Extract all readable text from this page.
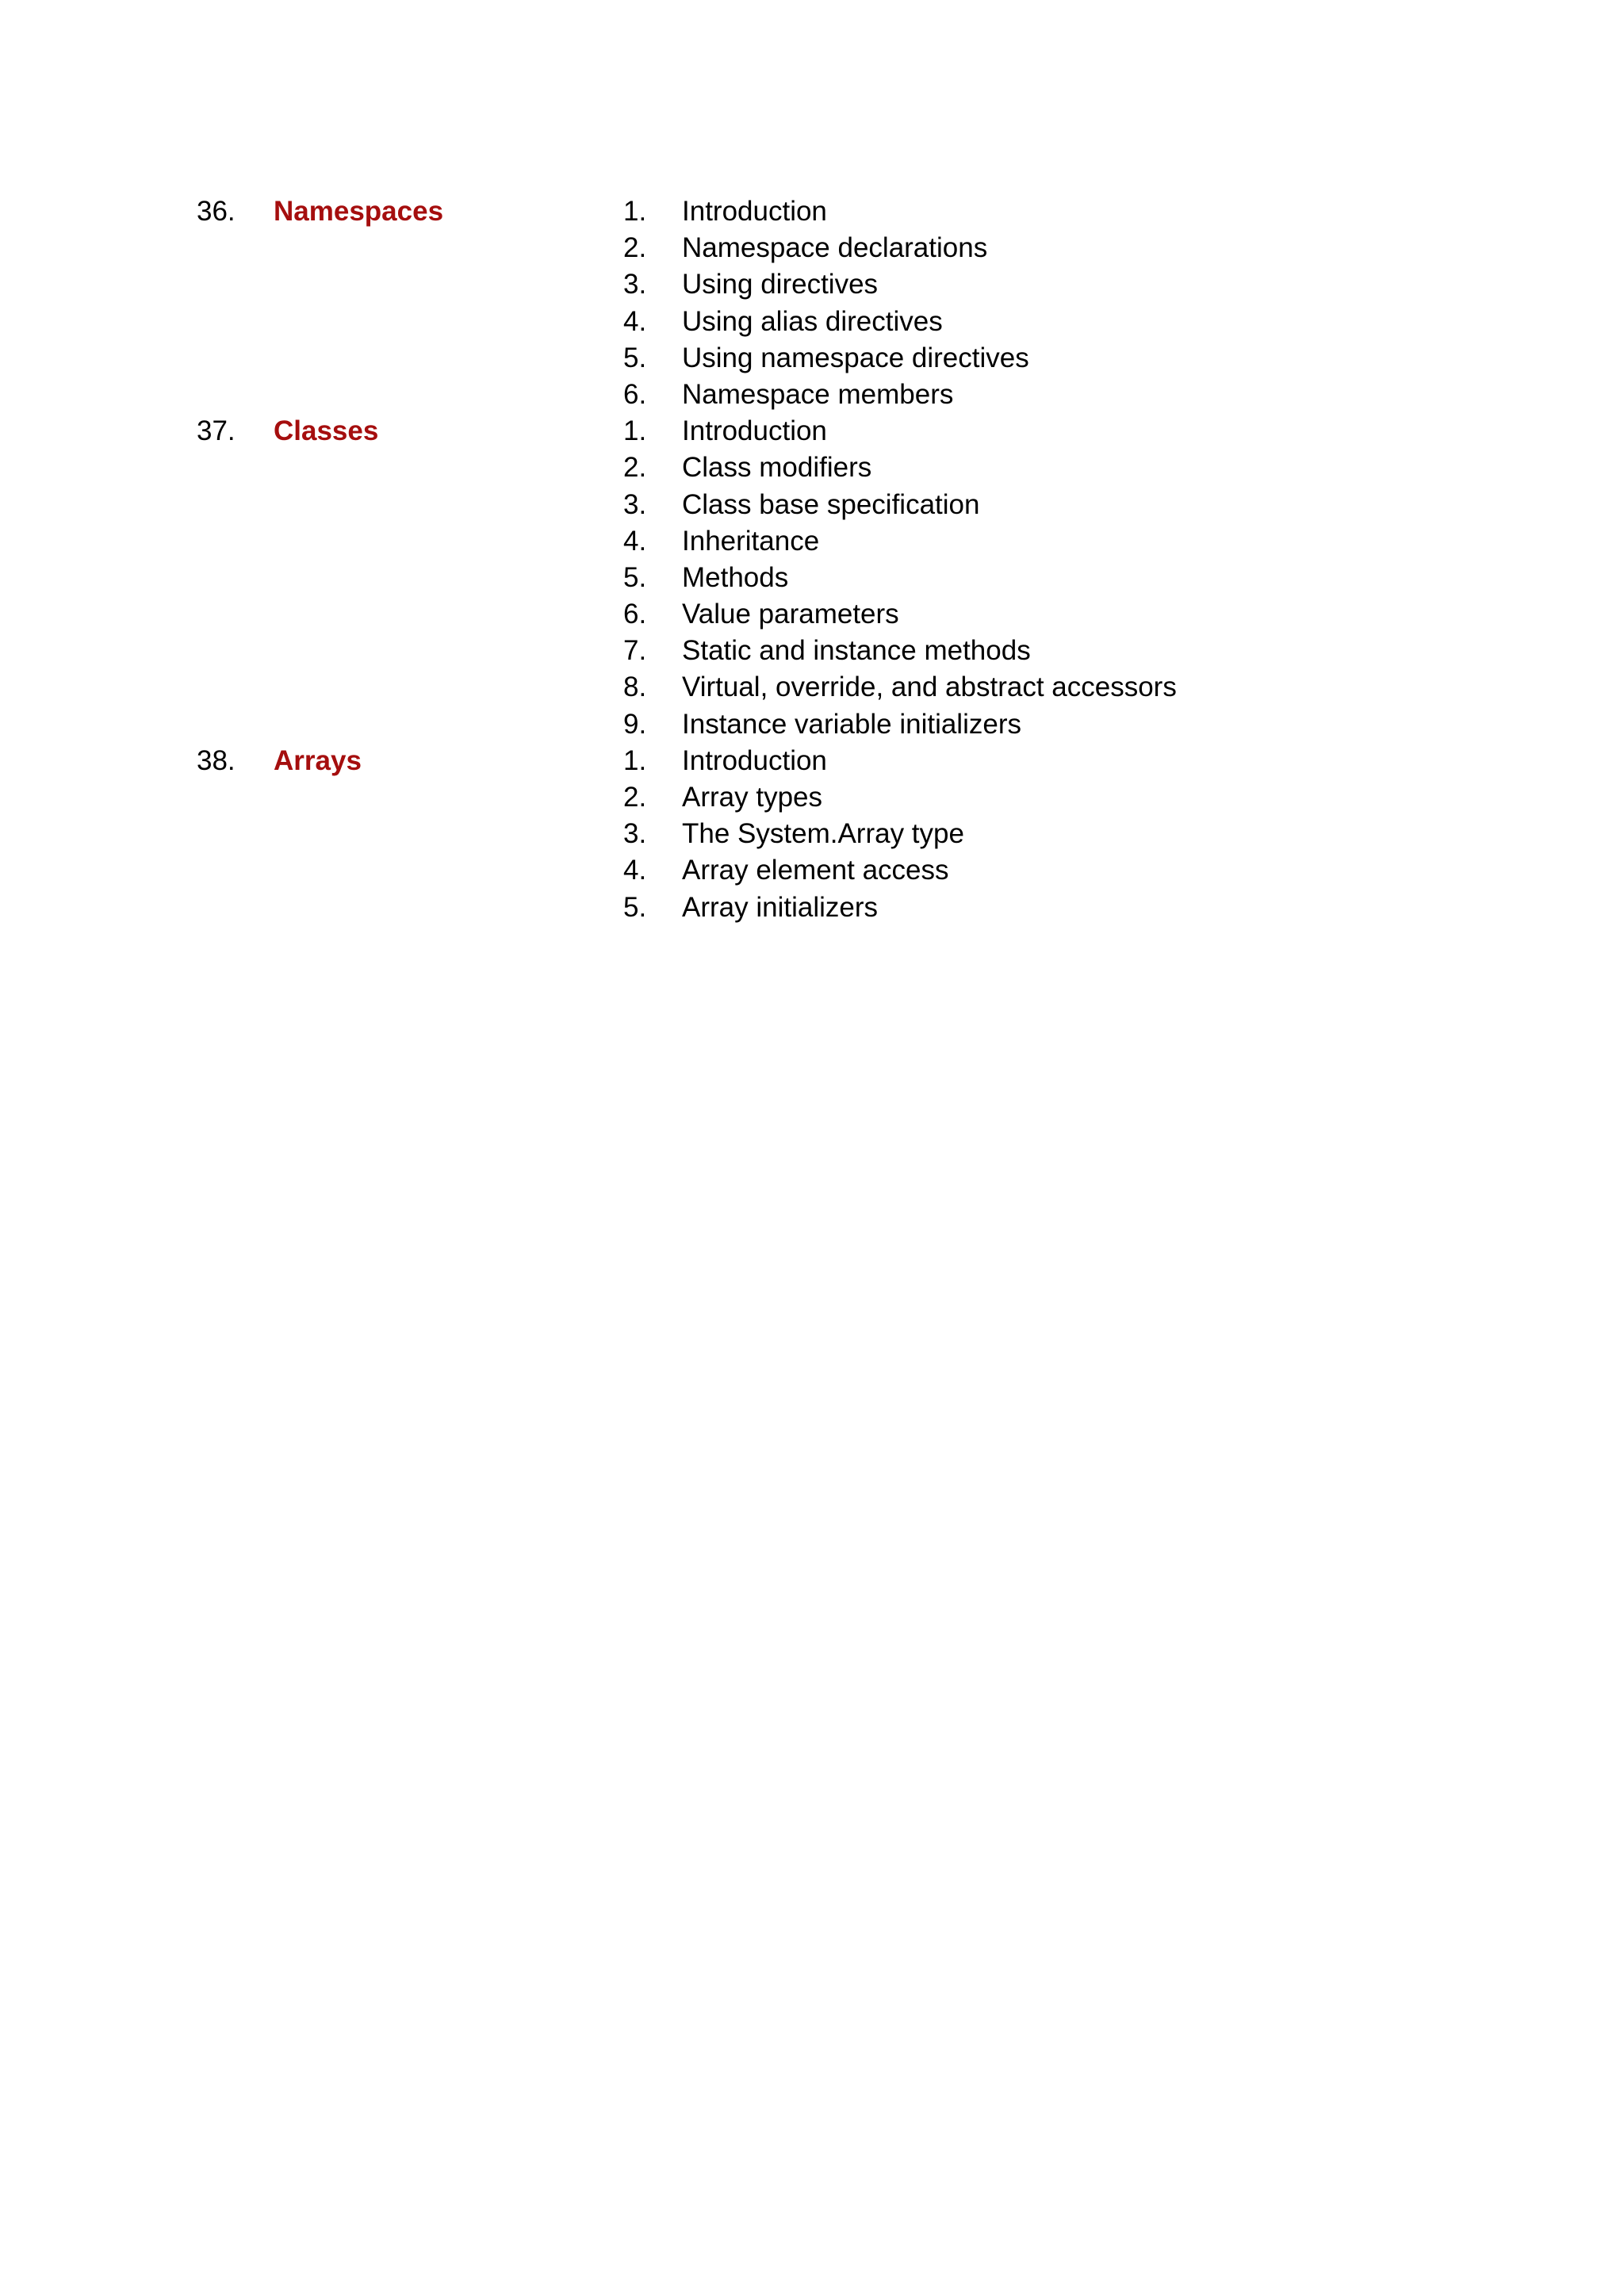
36. Namespaces	1. Introduction
2. Namespace declarations
3. Using directives
4. Using alias directives
5. Using namespace directives
6. Namespace members
37. Classes	1. Introduction
2. Class modifiers
3. Class base specification
4. Inheritance
5. Methods
6. Value parameters
7. Static and instance methods
8. Virtual, override, and abstract accessors
9. Instance variable initializers
38. Arrays	1. Introduction
2. Array types
3. The System.Array type
4. Array element access
5. Array initializers
